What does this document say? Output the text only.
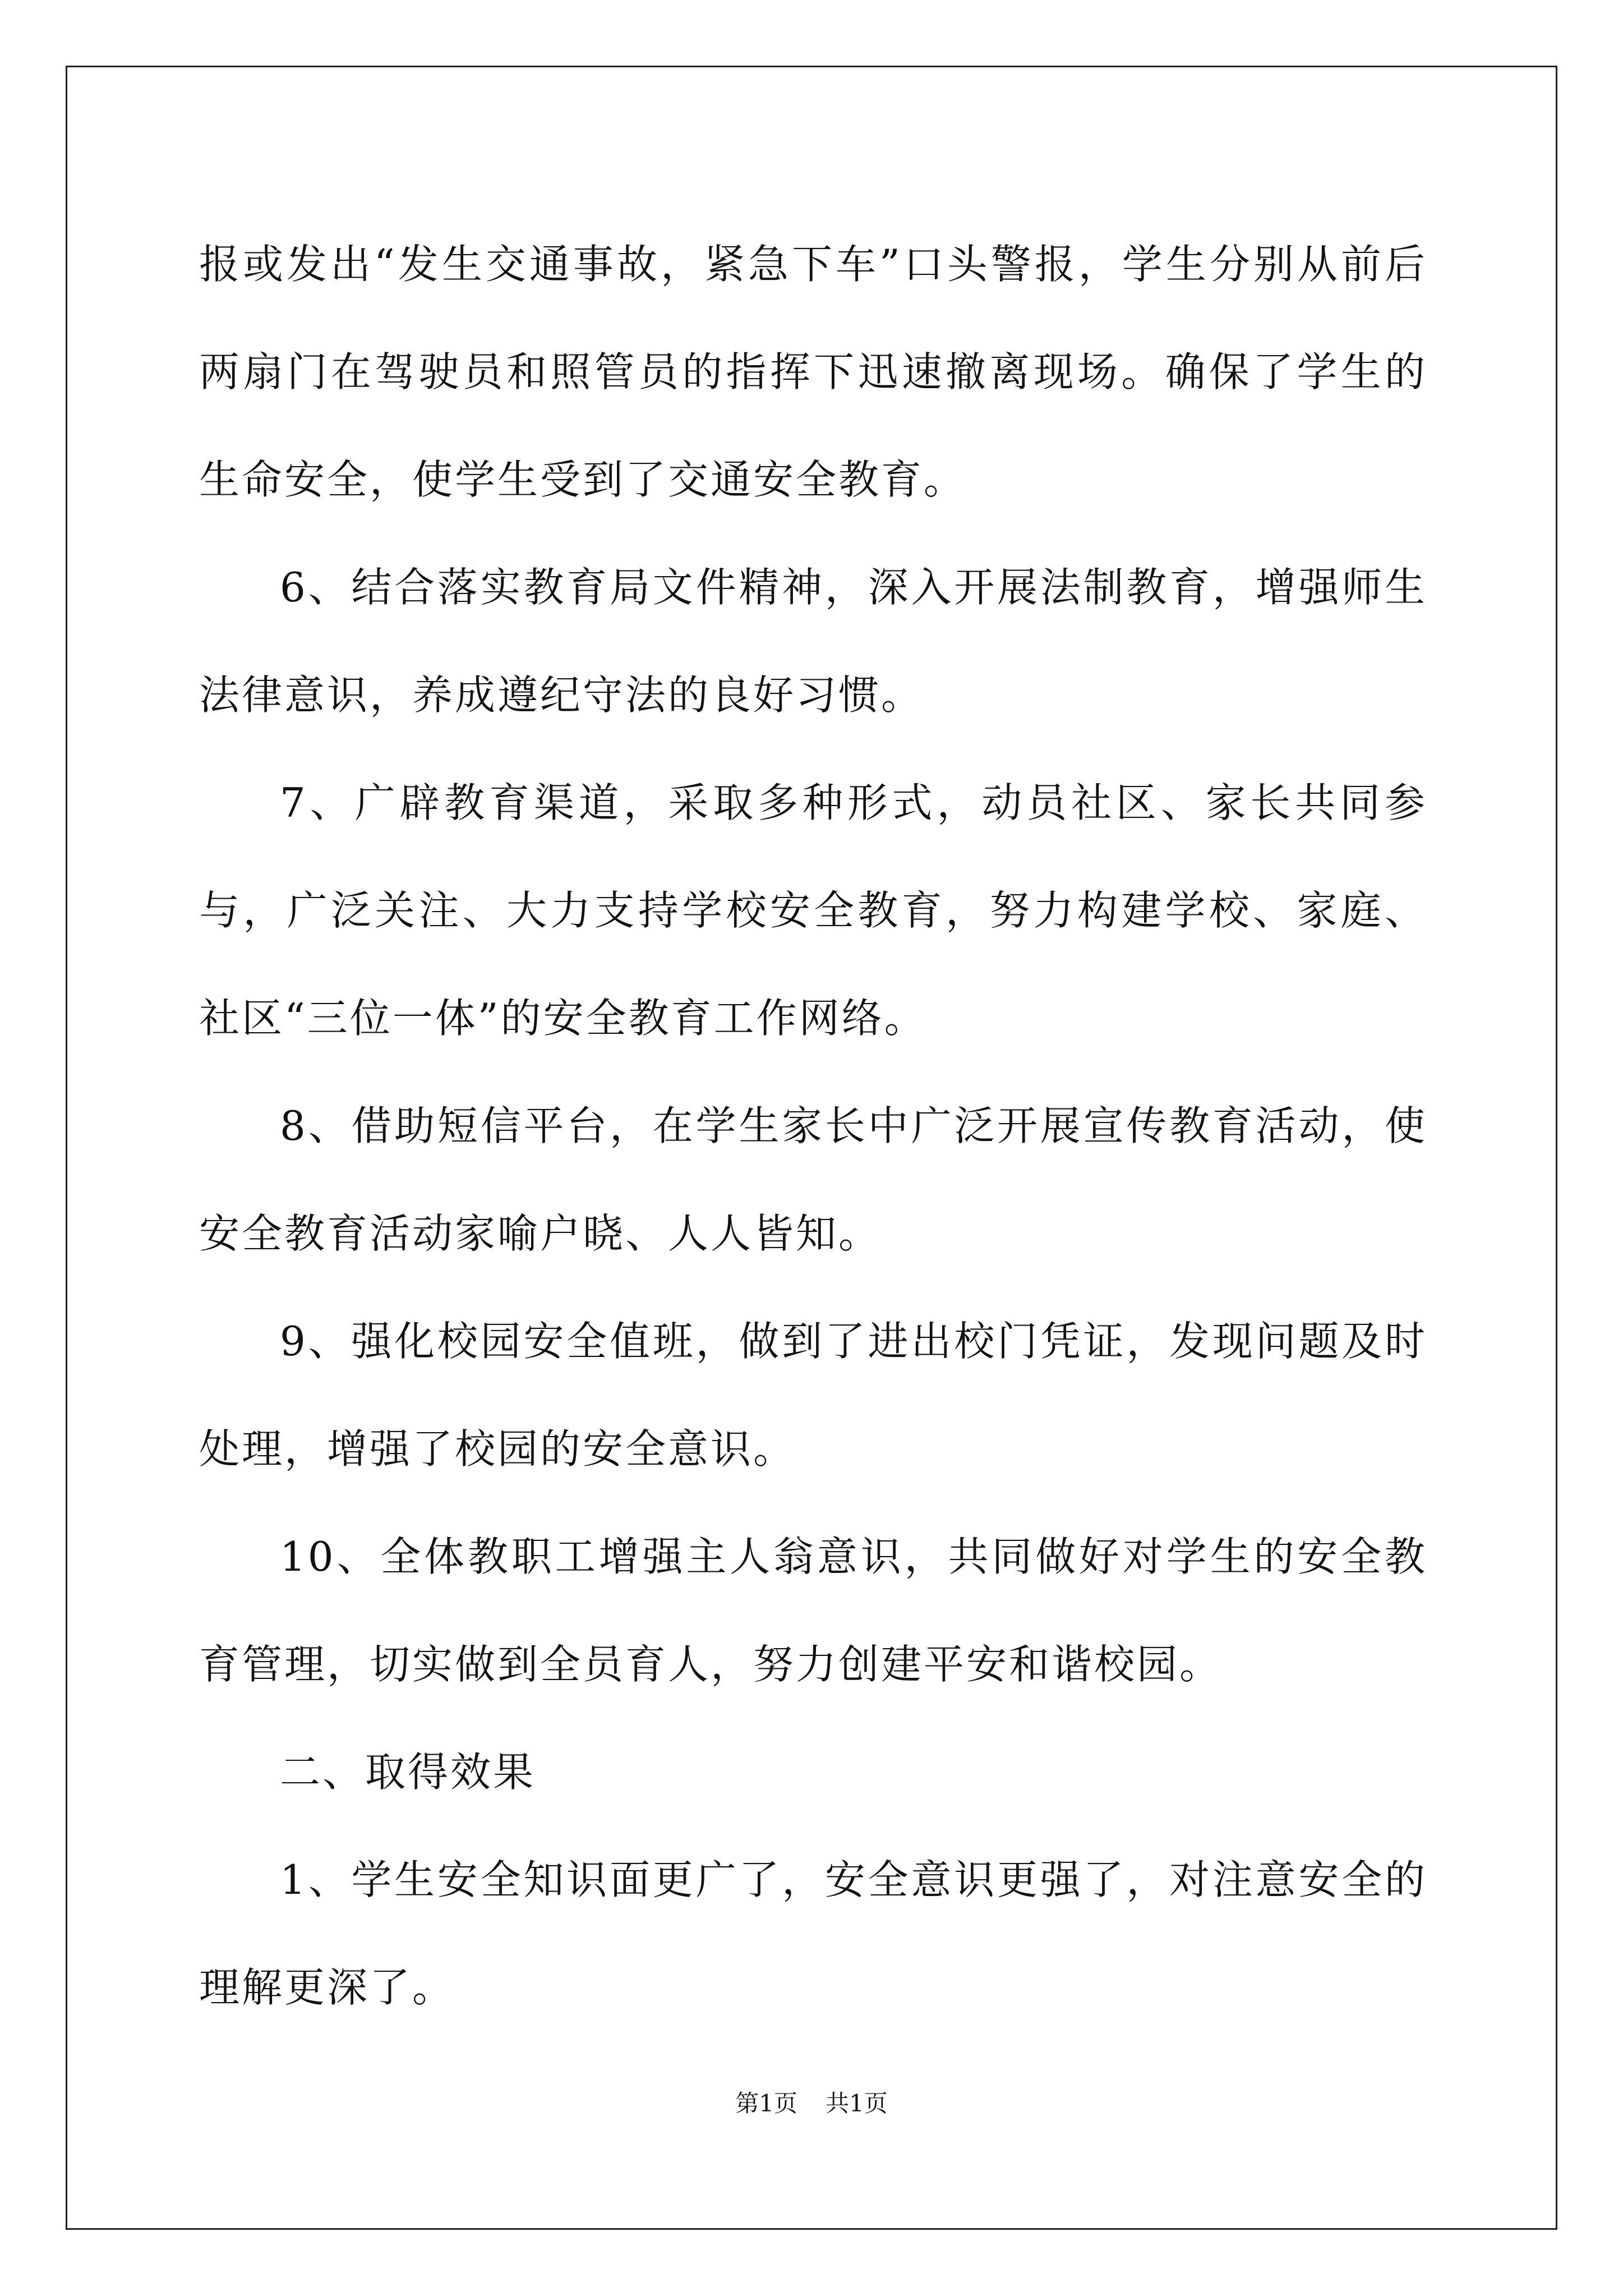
报或发出“发生交通事故，紧急下车”口头警报，学生分别从前后两扇门在驾驶员和照管员的指挥下迅速撤离现场。确保了学生的生命安全，使学生受到了交通安全教育。

6、结合落实教育局文件精神，深入开展法制教育，增强师生法律意识，养成遵纪守法的良好习惯。

7、广辟教育渠道，采取多种形式，动员社区、家长共同参与，广泛关注、大力支持学校安全教育，努力构建学校、家庭、社区“三位一体”的安全教育工作网络。

8、借助短信平台，在学生家长中广泛开展宣传教育活动，使安全教育活动家喻户晓、人人皆知。

9、强化校园安全值班，做到了进出校门凭证，发现问题及时处理，增强了校园的安全意识。

10、全体教职工增强主人翁意识，共同做好对学生的安全教育管理，切实做到全员育人，努力创建平安和谐校园。

二、取得效果

1、学生安全知识面更广了，安全意识更强了，对注意安全的理解更深了。

第1页 共1页
